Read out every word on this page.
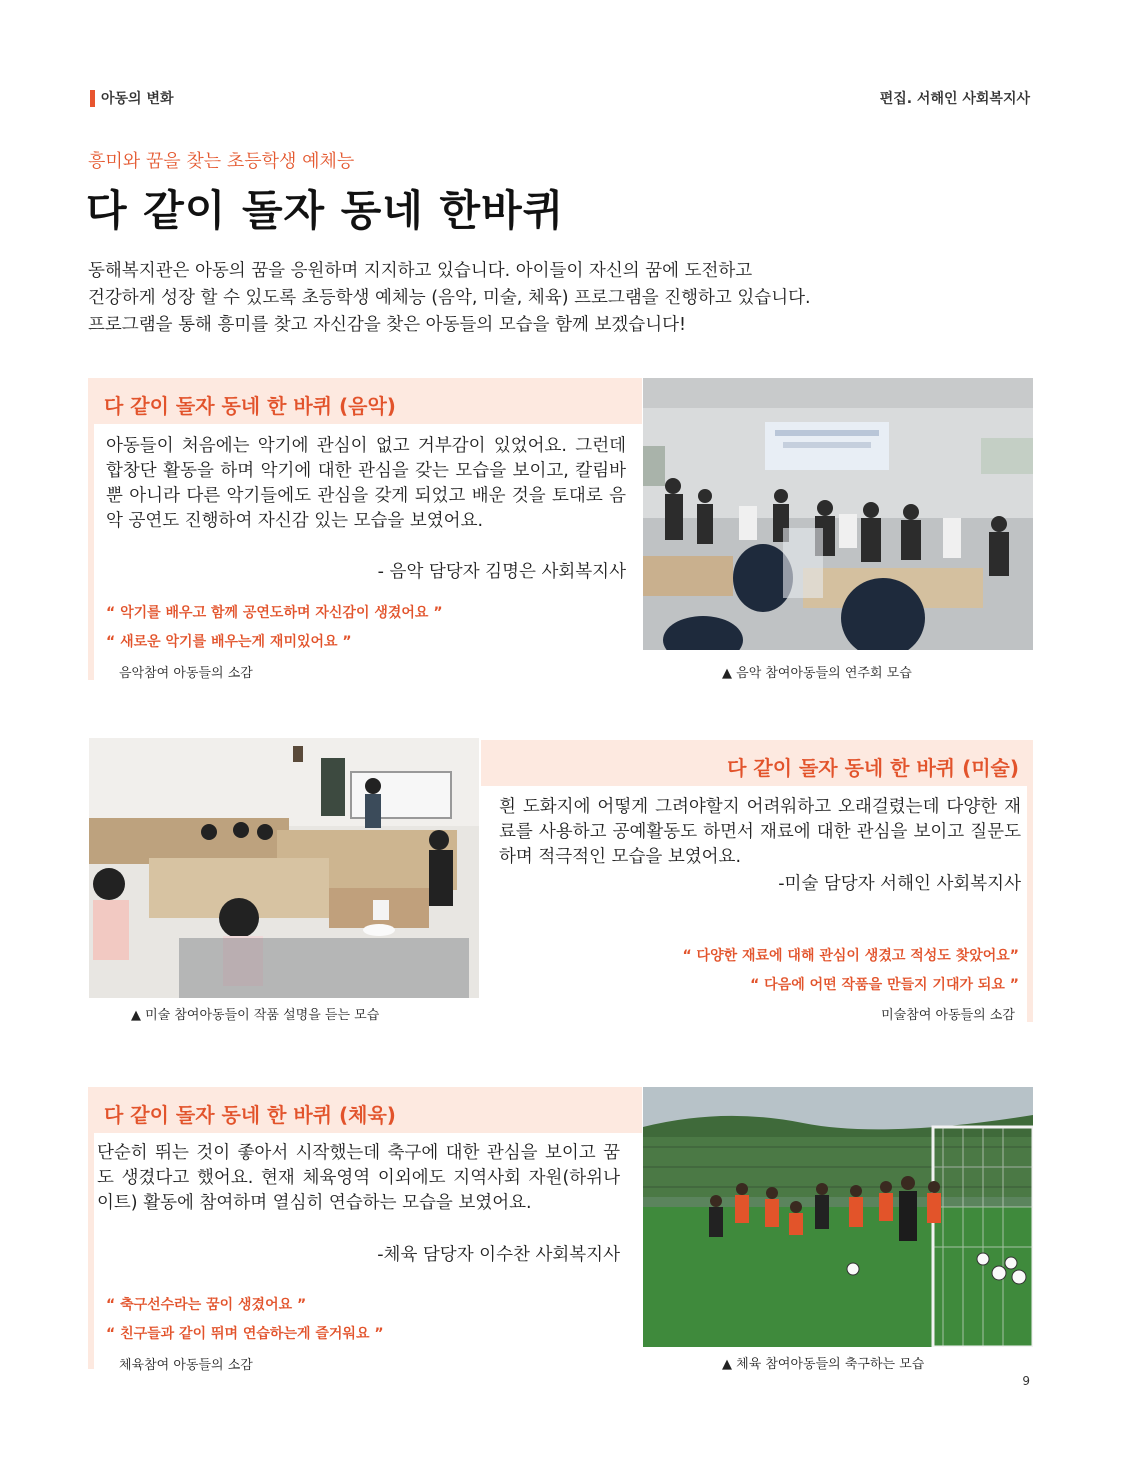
아동의 변화	편집. 서해인 사회복지사
흥미와 꿈을 찾는 초등학생 예체능
다 같이 돌자 동네 한바퀴
동해복지관은 아동의 꿈을 응원하며 지지하고 있습니다. 아이들이 자신의 꿈에 도전하고
건강하게 성장 할 수 있도록 초등학생 예체능 (음악, 미술, 체육) 프로그램을 진행하고 있습니다.
프로그램을 통해 흥미를 찾고 자신감을 찾은 아동들의 모습을 함께 보겠습니다!
다 같이 돌자 동네 한 바퀴 (음악)
아동들이 처음에는 악기에 관심이 없고 거부감이 있었어요. 그런데 합창단 활동을 하며 악기에 대한 관심을 갖는 모습을 보이고, 칼림바 뿐 아니라 다른 악기들에도 관심을 갖게 되었고 배운 것을 토대로 음악 공연도 진행하여 자신감 있는 모습을 보였어요.
- 음악 담당자 김명은 사회복지사
“ 악기를 배우고 함께 공연도하며 자신감이 생겼어요 ”
“ 새로운 악기를 배우는게 재미있어요 ”
음악참여 아동들의 소감	▲ 음악 참여아동들의 연주회 모습
▲ 미술 참여아동들이 작품 설명을 듣는 모습
다 같이 돌자 동네 한 바퀴 (미술)
흰 도화지에 어떻게 그려야할지 어려워하고 오래걸렸는데 다양한 재료를 사용하고 공예활동도 하면서 재료에 대한 관심을 보이고 질문도하며 적극적인 모습을 보였어요.
-미술 담당자 서해인 사회복지사
“ 다양한 재료에 대해 관심이 생겼고 적성도 찾았어요”
“ 다음에 어떤 작품을 만들지 기대가 되요 ”
미술참여 아동들의 소감
다 같이 돌자 동네 한 바퀴 (체육)
단순히 뛰는 것이 좋아서 시작했는데 축구에 대한 관심을 보이고 꿈도 생겼다고 했어요. 현재 체육영역 이외에도 지역사회 자원(하위나이트) 활동에 참여하며 열심히 연습하는 모습을 보였어요.
-체육 담당자 이수찬 사회복지사
“ 축구선수라는 꿈이 생겼어요 ”
“ 친구들과 같이 뛰며 연습하는게 즐거워요 ”
체육참여 아동들의 소감	▲ 체육 참여아동들의 축구하는 모습
9
